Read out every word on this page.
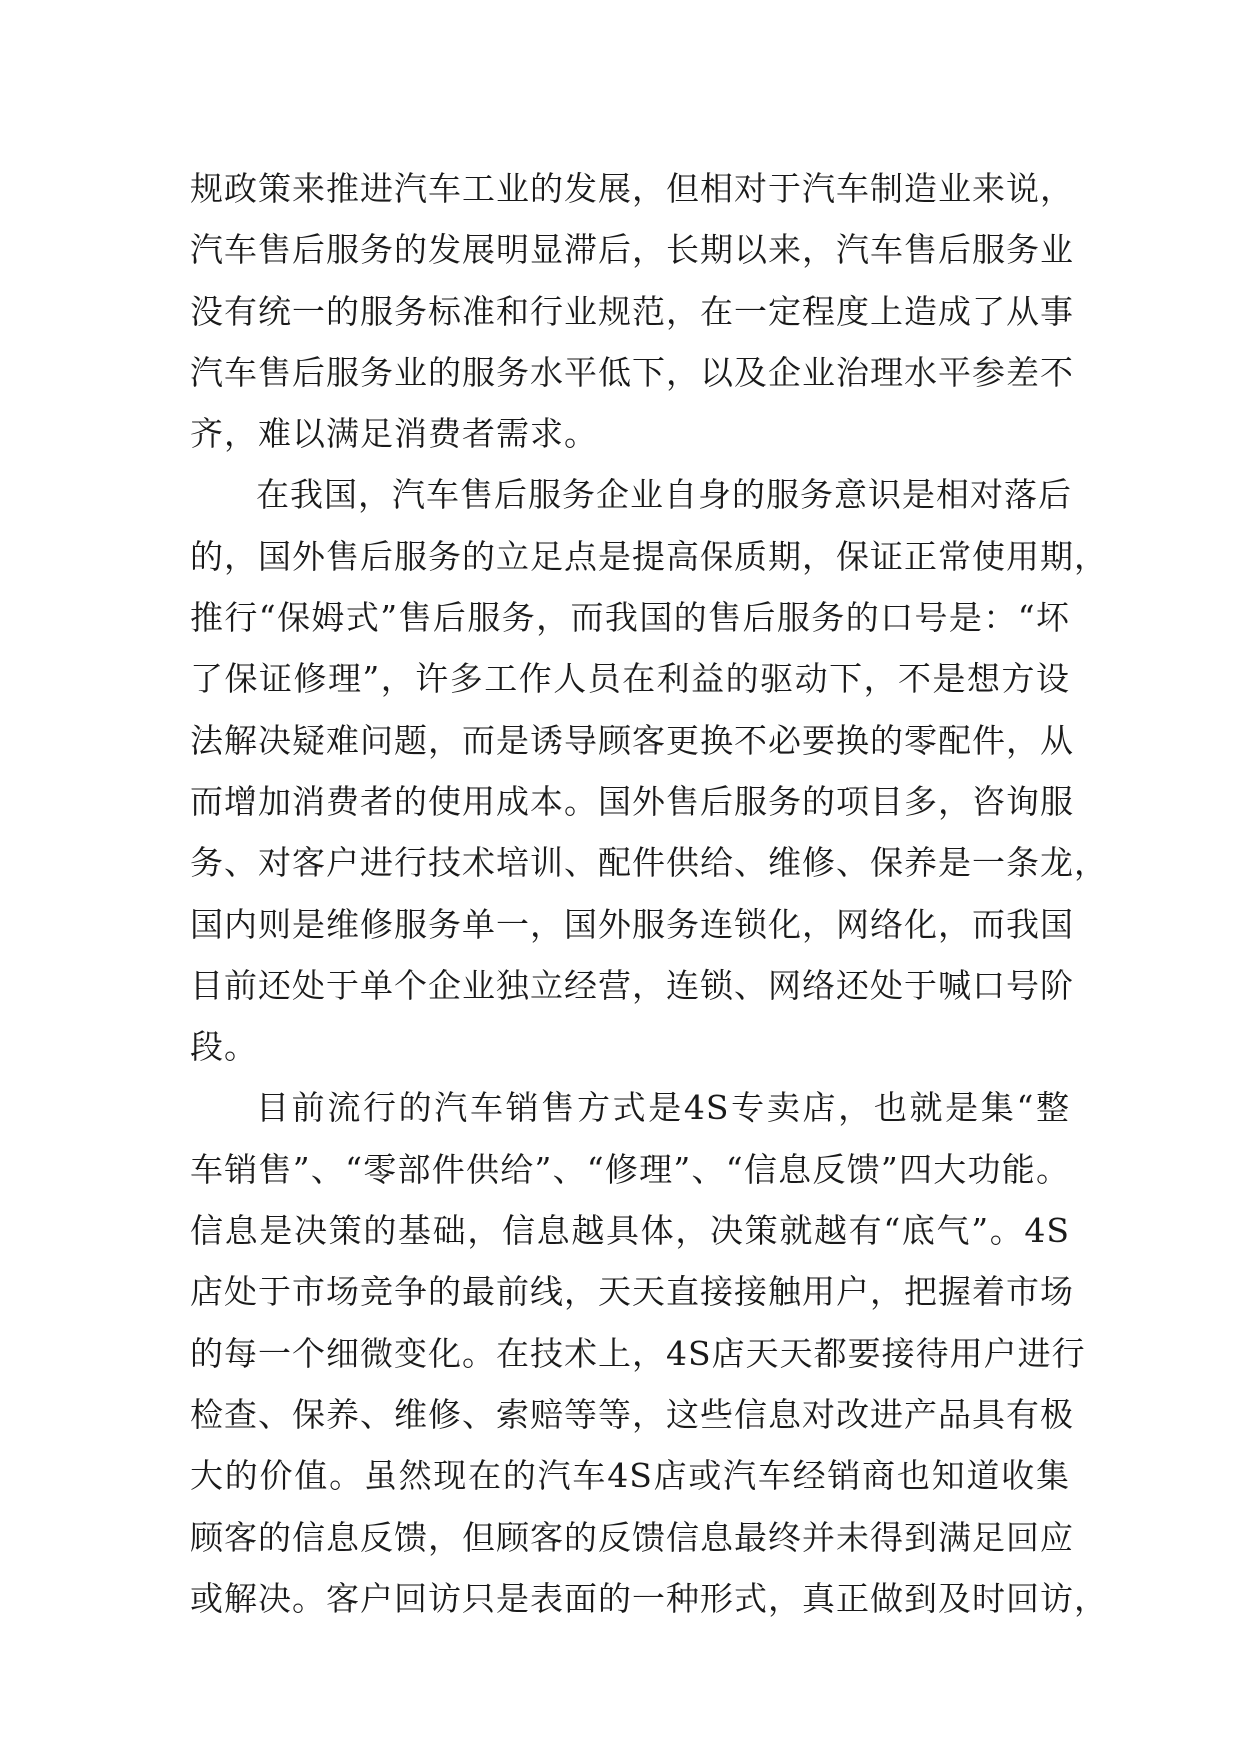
规政策来推进汽车工业的发展，但相对于汽车制造业来说，
汽车售后服务的发展明显滞后，长期以来，汽车售后服务业
没有统一的服务标准和行业规范，在一定程度上造成了从事
汽车售后服务业的服务水平低下，以及企业治理水平参差不
齐，难以满足消费者需求。
在我国，汽车售后服务企业自身的服务意识是相对落后
的，国外售后服务的立足点是提高保质期，保证正常使用期，
推行“保姆式”售后服务，而我国的售后服务的口号是：“坏
了保证修理”，许多工作人员在利益的驱动下，不是想方设
法解决疑难问题，而是诱导顾客更换不必要换的零配件，从
而增加消费者的使用成本。国外售后服务的项目多，咨询服
务、对客户进行技术培训、配件供给、维修、保养是一条龙，
国内则是维修服务单一，国外服务连锁化，网络化，而我国
目前还处于单个企业独立经营，连锁、网络还处于喊口号阶
段。
目前流行的汽车销售方式是4S专卖店，也就是集“整
车销售”、“零部件供给”、“修理”、“信息反馈”四大功能。
信息是决策的基础，信息越具体，决策就越有“底气”。4S
店处于市场竞争的最前线，天天直接接触用户，把握着市场
的每一个细微变化。在技术上，4S店天天都要接待用户进行
检查、保养、维修、索赔等等，这些信息对改进产品具有极
大的价值。虽然现在的汽车4S店或汽车经销商也知道收集
顾客的信息反馈，但顾客的反馈信息最终并未得到满足回应
或解决。客户回访只是表面的一种形式，真正做到及时回访，
